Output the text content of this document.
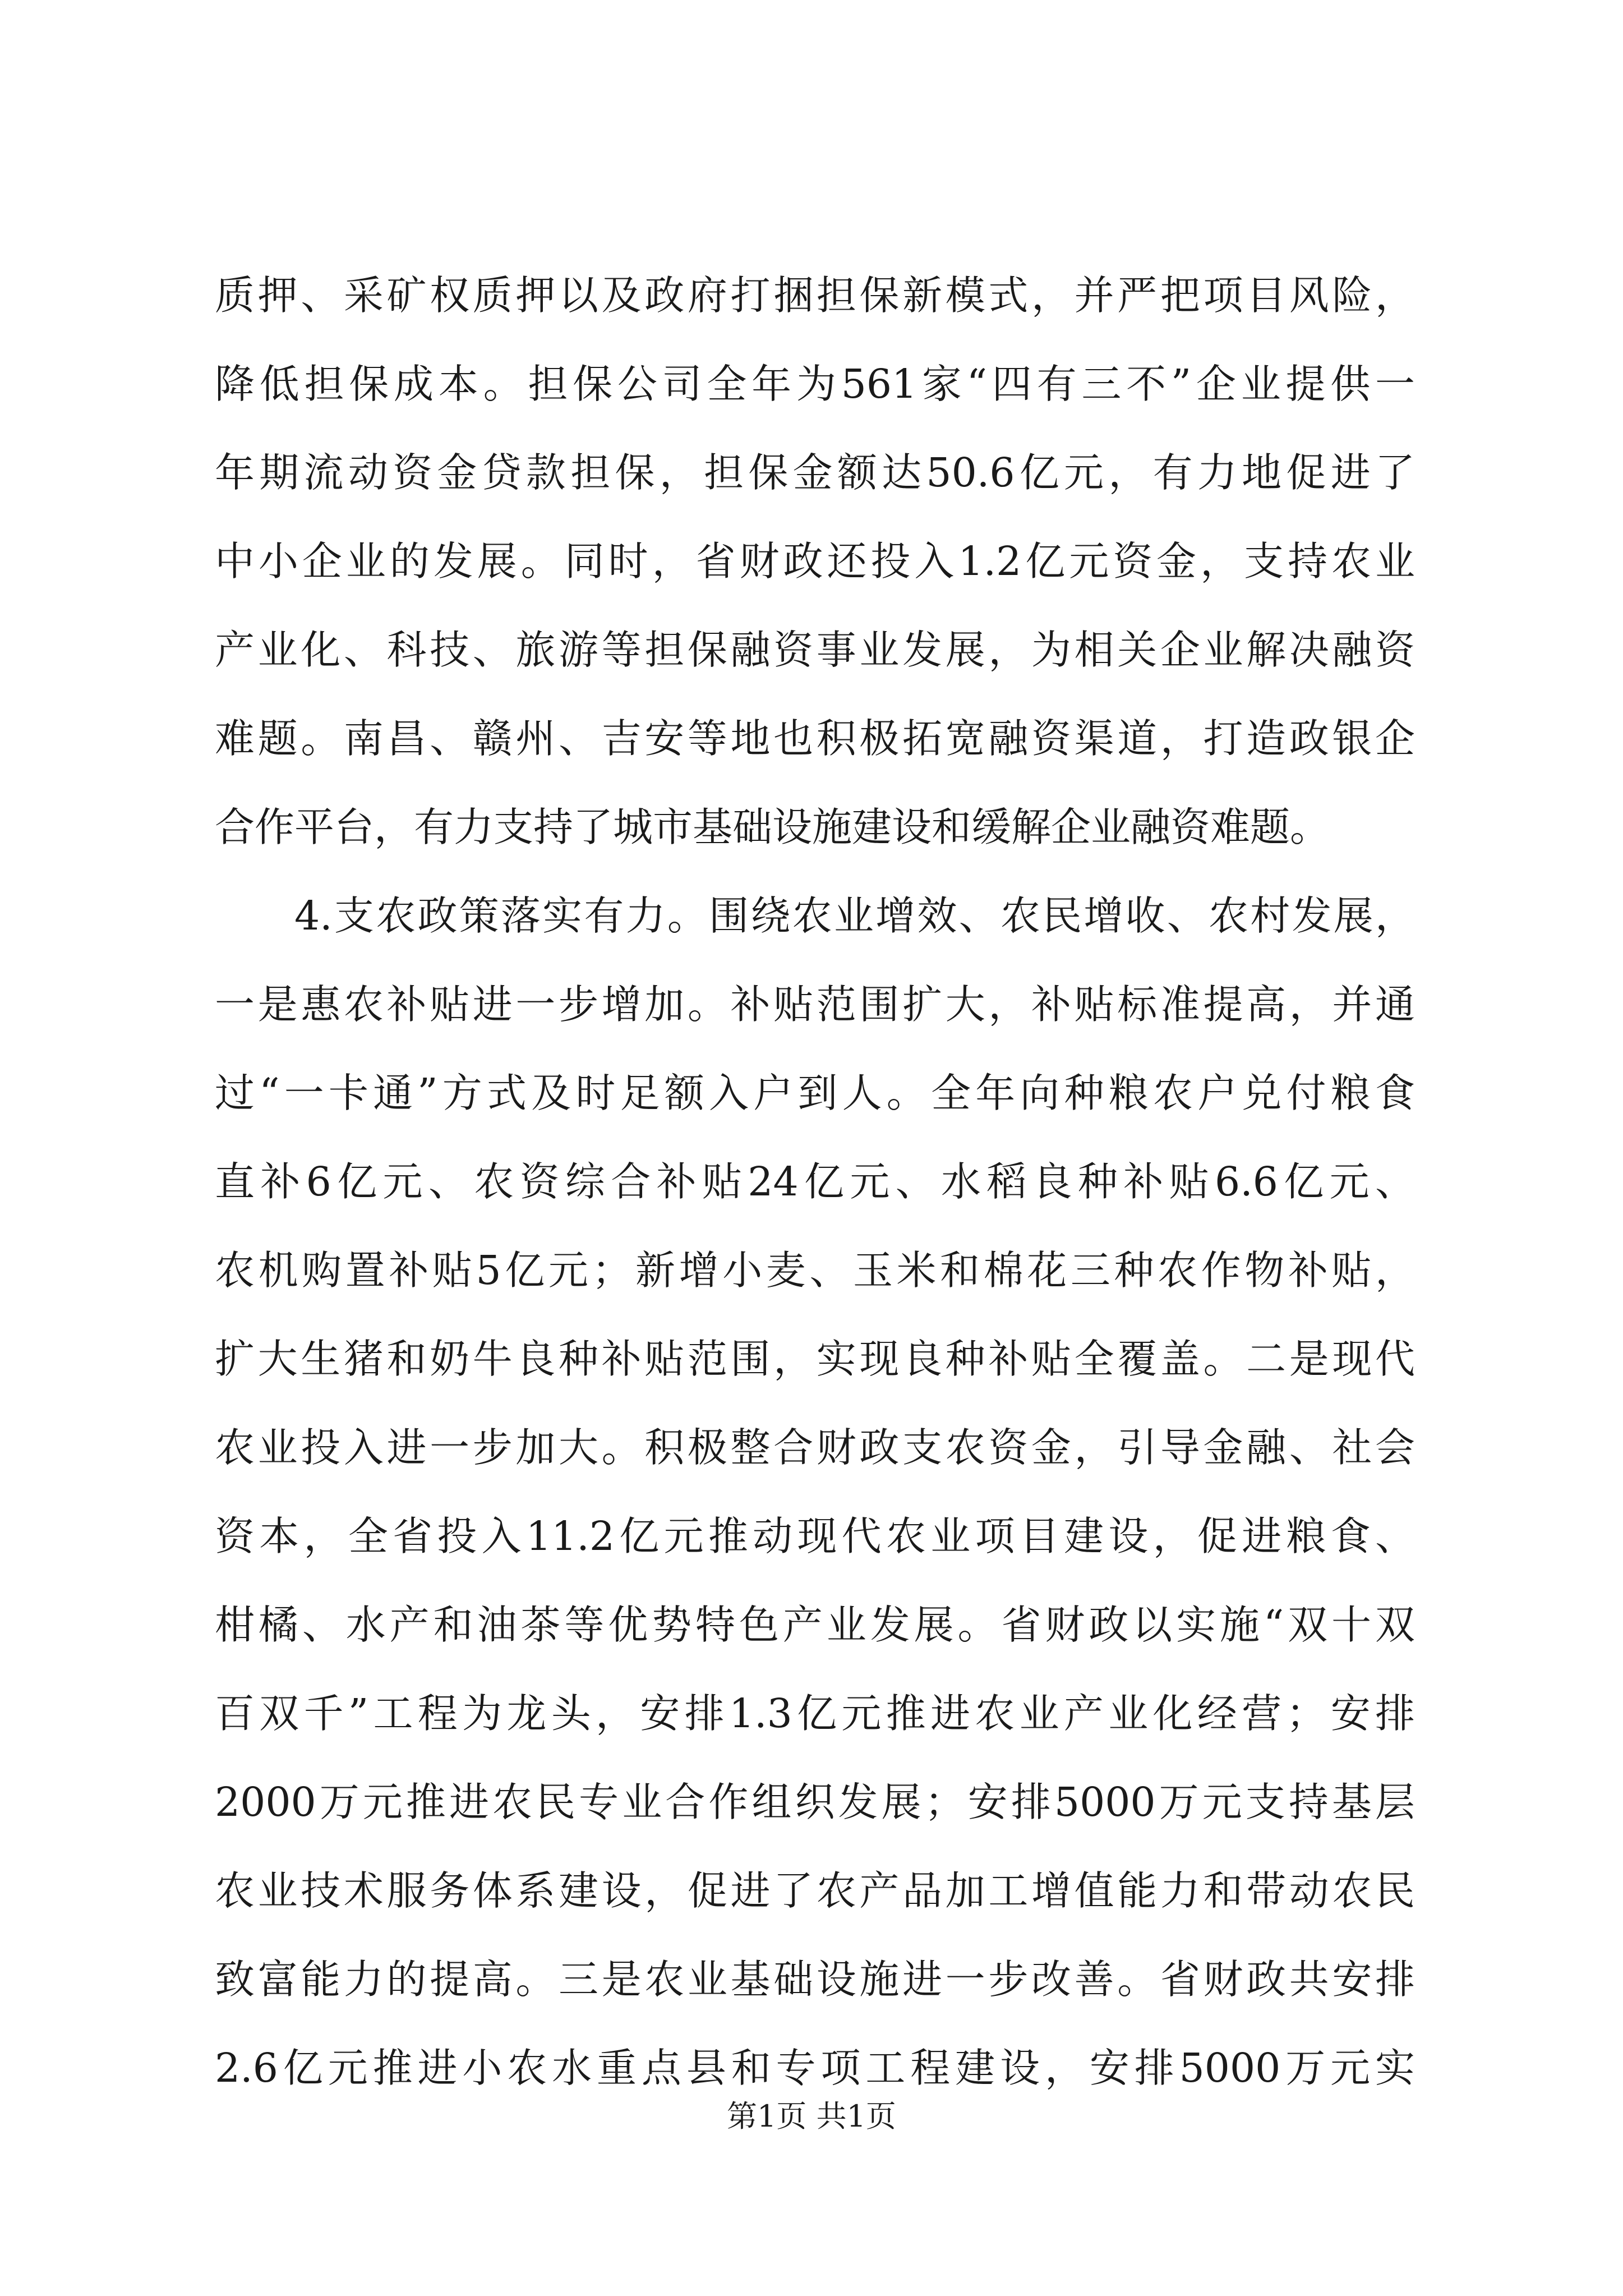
质押、采矿权质押以及政府打捆担保新模式，并严把项目风险，
降低担保成本。担保公司全年为561家“四有三不”企业提供一
年期流动资金贷款担保，担保金额达50.6亿元，有力地促进了
中小企业的发展。同时，省财政还投入1.2亿元资金，支持农业
产业化、科技、旅游等担保融资事业发展，为相关企业解决融资
难题。南昌、赣州、吉安等地也积极拓宽融资渠道，打造政银企
合作平台，有力支持了城市基础设施建设和缓解企业融资难题。
4.支农政策落实有力。围绕农业增效、农民增收、农村发展，
一是惠农补贴进一步增加。补贴范围扩大，补贴标准提高，并通
过“一卡通”方式及时足额入户到人。全年向种粮农户兑付粮食
直补6亿元、农资综合补贴24亿元、水稻良种补贴6.6亿元、
农机购置补贴5亿元；新增小麦、玉米和棉花三种农作物补贴，
扩大生猪和奶牛良种补贴范围，实现良种补贴全覆盖。二是现代
农业投入进一步加大。积极整合财政支农资金，引导金融、社会
资本，全省投入11.2亿元推动现代农业项目建设，促进粮食、
柑橘、水产和油茶等优势特色产业发展。省财政以实施“双十双
百双千”工程为龙头，安排1.3亿元推进农业产业化经营；安排
2000万元推进农民专业合作组织发展；安排5000万元支持基层
农业技术服务体系建设，促进了农产品加工增值能力和带动农民
致富能力的提高。三是农业基础设施进一步改善。省财政共安排
2.6亿元推进小农水重点县和专项工程建设，安排5000万元实
第1页 共1页
